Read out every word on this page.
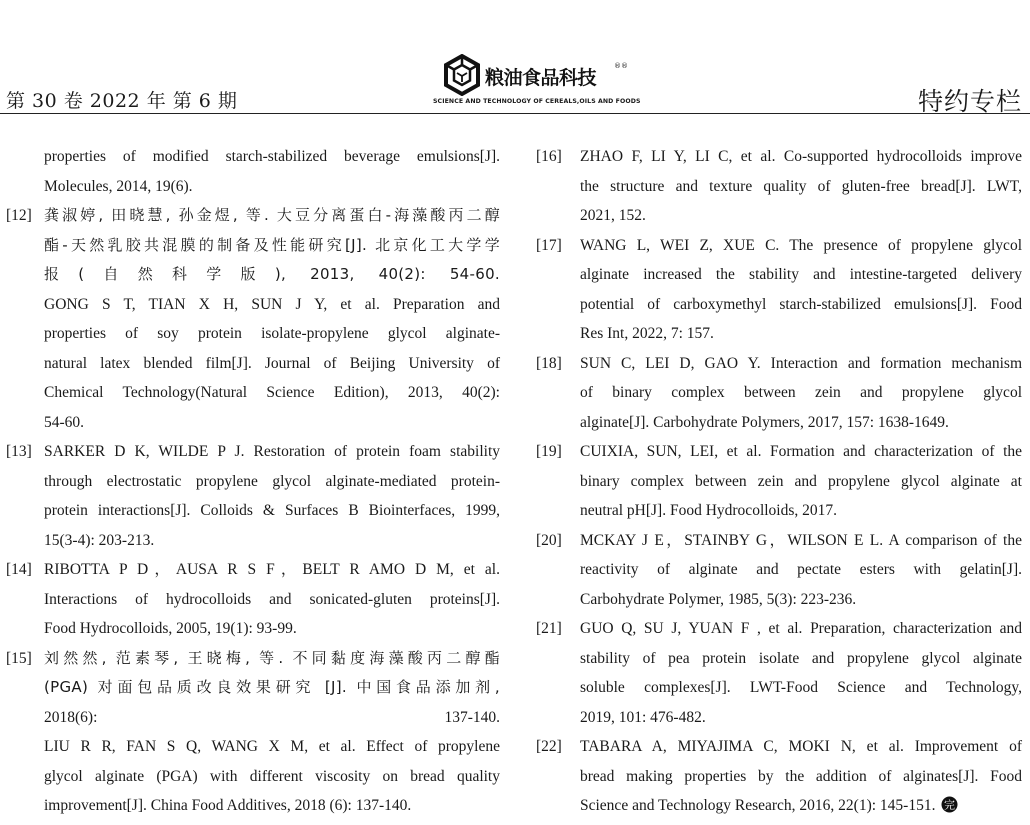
第 30 卷 2022 年 第 6 期
粮油食品科技
®®
SCIENCE AND TECHNOLOGY OF CEREALS,OILS AND FOODS	特约专栏
properties of modified starch-stabilized beverage emulsions[J].
Molecules, 2014, 19(6).
[12] 龚淑婷, 田晓慧, 孙金煜, 等. 大豆分离蛋白-海藻酸丙二醇
酯-天然乳胶共混膜的制备及性能研究[J]. 北京化工大学学
报(自然科学版), 2013, 40(2): 54-60.
GONG S T, TIAN X H, SUN J Y, et al. Preparation and
properties of soy protein isolate-propylene glycol alginate-
natural latex blended film[J]. Journal of Beijing University of
Chemical Technology(Natural Science Edition), 2013, 40(2):
54-60.
[13] SARKER D K, WILDE P J. Restoration of protein foam stability
through electrostatic propylene glycol alginate-mediated protein-
protein interactions[J]. Colloids & Surfaces B Biointerfaces, 1999,
15(3-4): 203-213.
[14] RIBOTTA P D，AUSA R S F，BELT R AMO D M, et al.
Interactions of hydrocolloids and sonicated-gluten proteins[J].
Food Hydrocolloids, 2005, 19(1): 93-99.
[15] 刘然然, 范素琴, 王晓梅, 等. 不同黏度海藻酸丙二醇酯
(PGA) 对面包品质改良效果研究 [J]. 中国食品添加剂,
2018(6): 137-140.
LIU R R, FAN S Q, WANG X M, et al. Effect of propylene
glycol alginate (PGA) with different viscosity on bread quality
improvement[J]. China Food Additives, 2018 (6): 137-140.
[16]	ZHAO F, LI Y, LI C, et al. Co-supported hydrocolloids improve
the structure and texture quality of gluten-free bread[J]. LWT,
2021, 152.
[17]	WANG L, WEI Z, XUE C. The presence of propylene glycol
alginate increased the stability and intestine-targeted delivery
potential of carboxymethyl starch-stabilized emulsions[J]. Food
Res Int, 2022, 7: 157.
[18]	SUN C, LEI D, GAO Y. Interaction and formation mechanism
of binary complex between zein and propylene glycol
alginate[J]. Carbohydrate Polymers, 2017, 157: 1638-1649.
[19]	CUIXIA, SUN, LEI, et al. Formation and characterization of the
binary complex between zein and propylene glycol alginate at
neutral pH[J]. Food Hydrocolloids, 2017.
[20]	MCKAY J E，STAINBY G，WILSON E L. A comparison of the
reactivity of alginate and pectate esters with gelatin[J].
Carbohydrate Polymer, 1985, 5(3): 223-236.
[21]	GUO Q, SU J, YUAN F , et al. Preparation, characterization and
stability of pea protein isolate and propylene glycol alginate
soluble complexes[J]. LWT-Food Science and Technology,
2019, 101: 476-482.
[22]	TABARA A, MIYAJIMA C, MOKI N, et al. Improvement of
bread making properties by the addition of alginates[J]. Food
Science and Technology Research, 2016, 22(1): 145-151. 完
